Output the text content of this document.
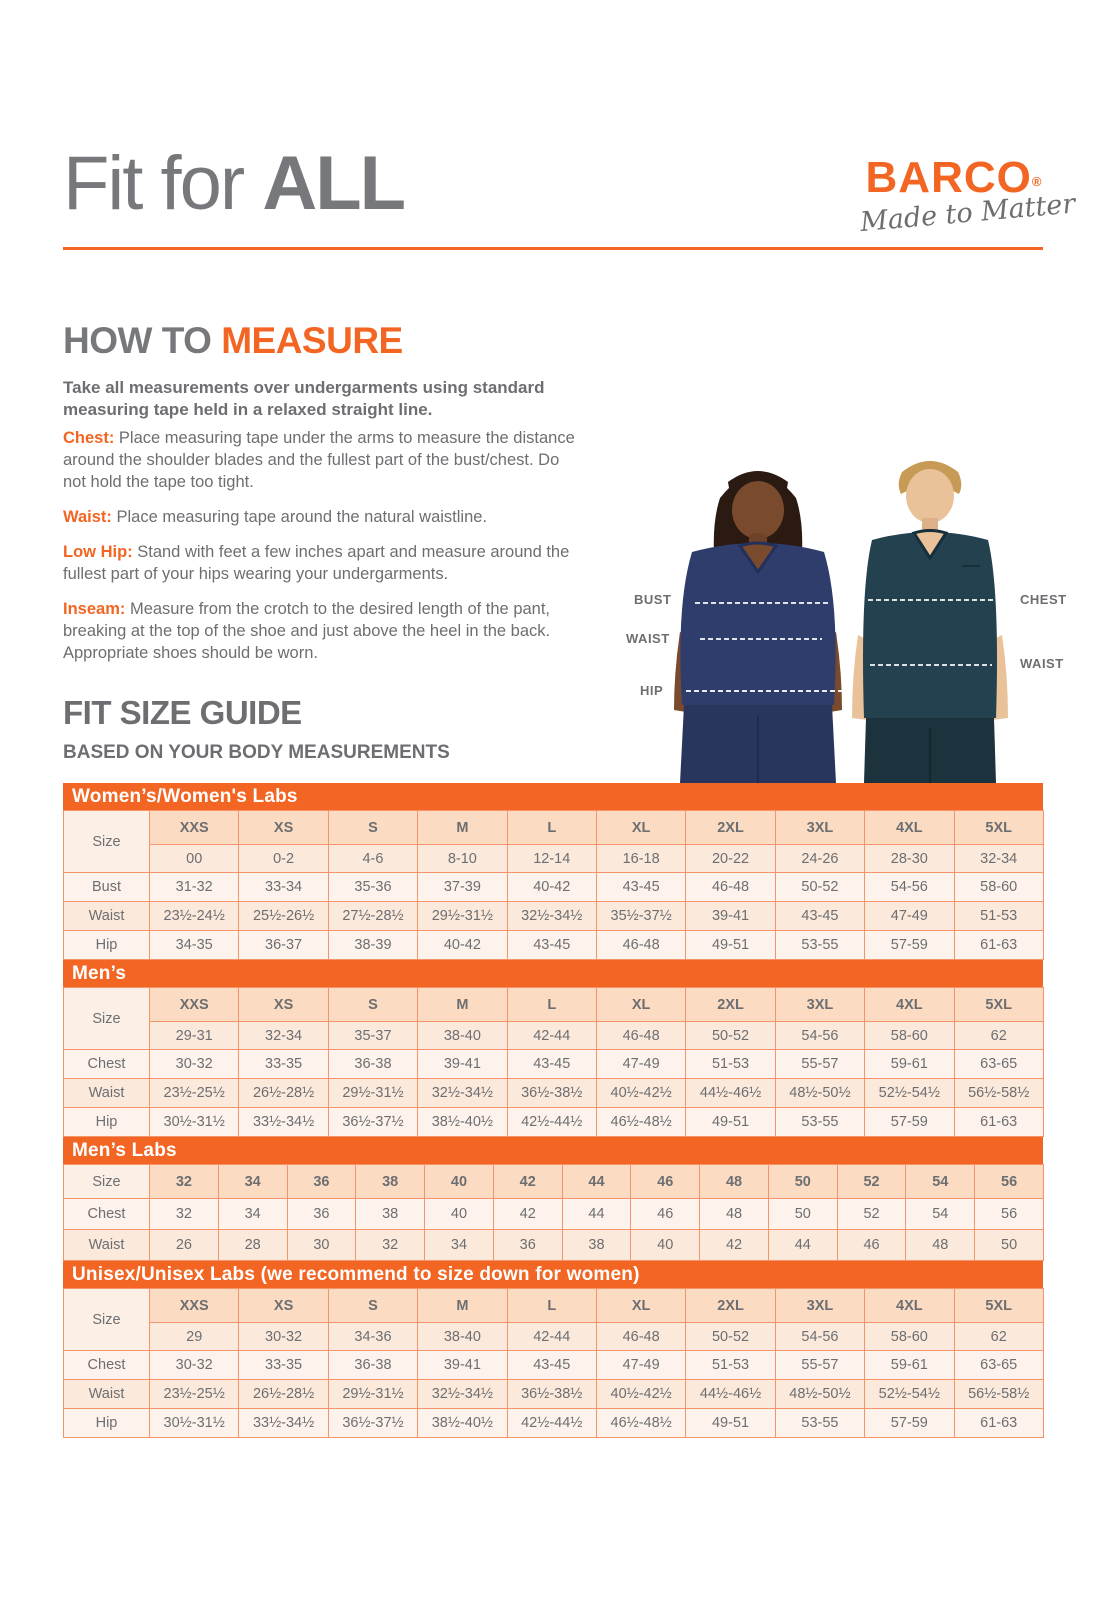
Fit for ALL	BARCO®
Made to Matter
HOW TO MEASURE
Take all measurements over undergarments using standard measuring tape held in a relaxed straight line.

Chest: Place measuring tape under the arms to measure the distance around the shoulder blades and the fullest part of the bust/chest. Do not hold the tape too tight.

Waist: Place measuring tape around the natural waistline.

Low Hip: Stand with feet a few inches apart and measure around the fullest part of your hips wearing your undergarments.

Inseam: Measure from the crotch to the desired length of the pant, breaking at the top of the shoe and just above the heel in the back. Appropriate shoes should be worn.

BUST
WAIST
HIP
CHEST
WAIST
FIT SIZE GUIDE
BASED ON YOUR BODY MEASUREMENTS
Women’s/Women's Labs
Size	XXS	XS	S	M	L	XL	2XL	3XL	4XL	5XL
	00	0-2	4-6	8-10	12-14	16-18	20-22	24-26	28-30	32-34
Bust	31-32	33-34	35-36	37-39	40-42	43-45	46-48	50-52	54-56	58-60
Waist	23½-24½	25½-26½	27½-28½	29½-31½	32½-34½	35½-37½	39-41	43-45	47-49	51-53
Hip	34-35	36-37	38-39	40-42	43-45	46-48	49-51	53-55	57-59	61-63
Men’s
Size	XXS	XS	S	M	L	XL	2XL	3XL	4XL	5XL
	29-31	32-34	35-37	38-40	42-44	46-48	50-52	54-56	58-60	62
Chest	30-32	33-35	36-38	39-41	43-45	47-49	51-53	55-57	59-61	63-65
Waist	23½-25½	26½-28½	29½-31½	32½-34½	36½-38½	40½-42½	44½-46½	48½-50½	52½-54½	56½-58½
Hip	30½-31½	33½-34½	36½-37½	38½-40½	42½-44½	46½-48½	49-51	53-55	57-59	61-63
Men’s Labs
Size	32	34	36	38	40	42	44	46	48	50	52	54	56
Chest	32	34	36	38	40	42	44	46	48	50	52	54	56
Waist	26	28	30	32	34	36	38	40	42	44	46	48	50
Unisex/Unisex Labs (we recommend to size down for women)
Size	XXS	XS	S	M	L	XL	2XL	3XL	4XL	5XL
	29	30-32	34-36	38-40	42-44	46-48	50-52	54-56	58-60	62
Chest	30-32	33-35	36-38	39-41	43-45	47-49	51-53	55-57	59-61	63-65
Waist	23½-25½	26½-28½	29½-31½	32½-34½	36½-38½	40½-42½	44½-46½	48½-50½	52½-54½	56½-58½
Hip	30½-31½	33½-34½	36½-37½	38½-40½	42½-44½	46½-48½	49-51	53-55	57-59	61-63
